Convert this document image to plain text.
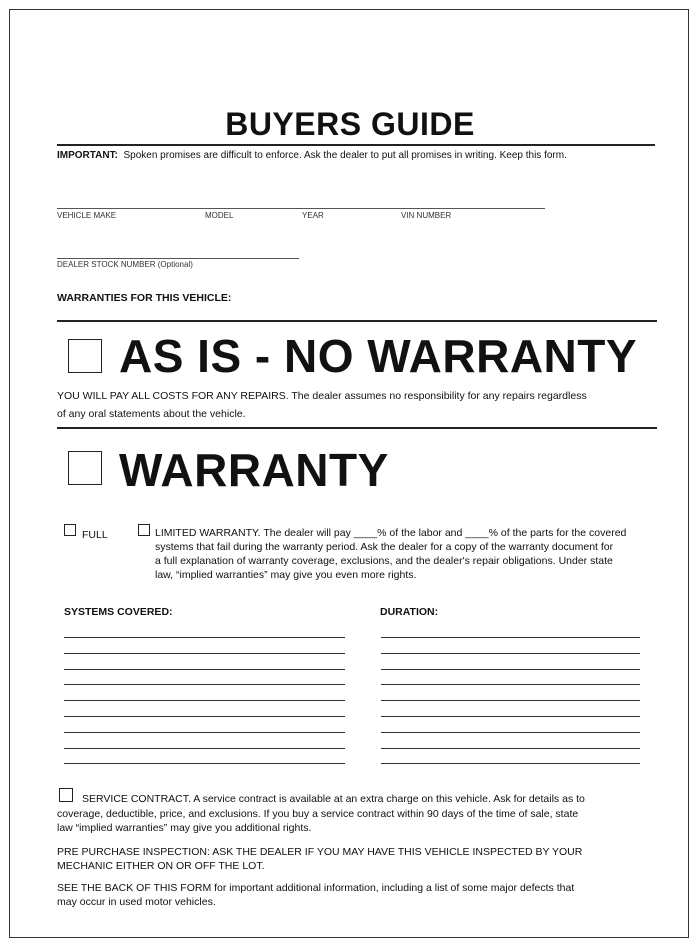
BUYERS GUIDE
IMPORTANT: Spoken promises are difficult to enforce. Ask the dealer to put all promises in writing. Keep this form.
VEHICLE MAKE	MODEL	YEAR	VIN NUMBER
DEALER STOCK NUMBER (Optional)
WARRANTIES FOR THIS VEHICLE:
AS IS - NO WARRANTY
YOU WILL PAY ALL COSTS FOR ANY REPAIRS. The dealer assumes no responsibility for any repairs regardless
of any oral statements about the vehicle.
WARRANTY
FULL	LIMITED WARRANTY. The dealer will pay ____% of the labor and ____% of the parts for the covered
systems that fail during the warranty period. Ask the dealer for a copy of the warranty document for
a full explanation of warranty coverage, exclusions, and the dealer's repair obligations. Under state
law, “implied warranties” may give you even more rights.
SYSTEMS COVERED:	DURATION:
SERVICE CONTRACT. A service contract is available at an extra charge on this vehicle. Ask for details as to
coverage, deductible, price, and exclusions. If you buy a service contract within 90 days of the time of sale, state
law “implied warranties” may give you additional rights.
PRE PURCHASE INSPECTION: ASK THE DEALER IF YOU MAY HAVE THIS VEHICLE INSPECTED BY YOUR
MECHANIC EITHER ON OR OFF THE LOT.
SEE THE BACK OF THIS FORM for important additional information, including a list of some major defects that
may occur in used motor vehicles.
